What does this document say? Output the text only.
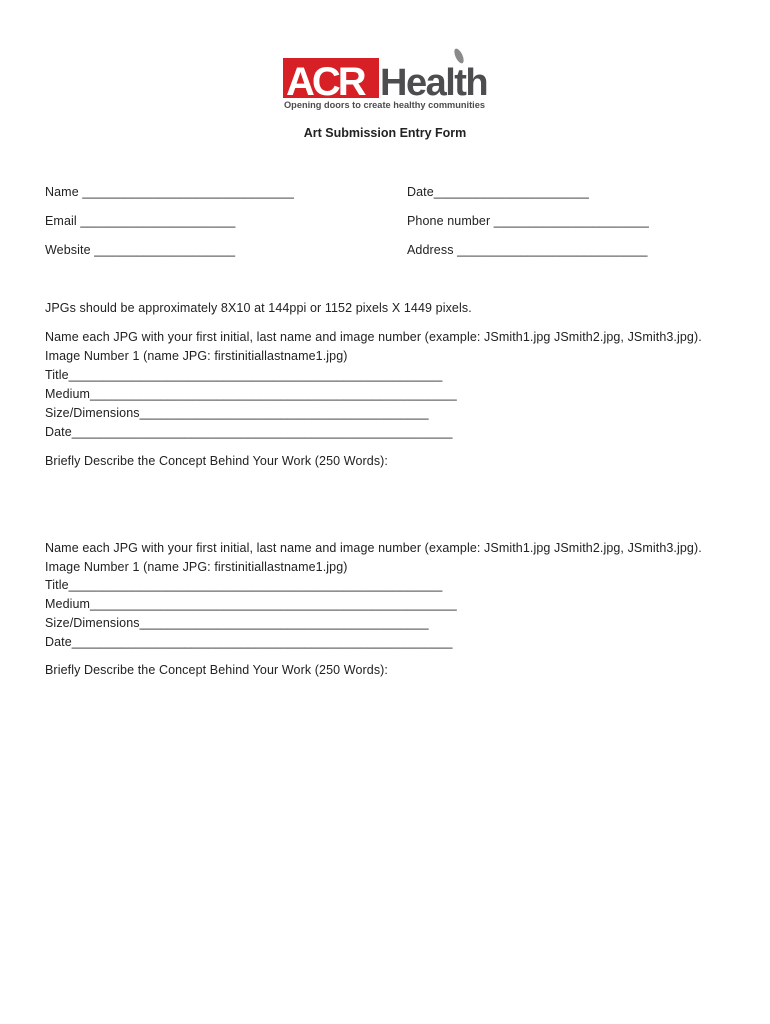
ACR Health
Opening doors to create healthy communities
Art Submission Entry Form
Name ______________________________	Date______________________
Email ______________________	Phone number ______________________
Website ____________________	Address ___________________________
JPGs should be approximately 8X10 at 144ppi or 1152 pixels X 1449 pixels.
Name each JPG with your first initial, last name and image number (example: JSmith1.jpg JSmith2.jpg, JSmith3.jpg).
Image Number 1 (name JPG: firstinitiallastname1.jpg)
Title_____________________________________________________
Medium____________________________________________________
Size/Dimensions_________________________________________
Date______________________________________________________
Briefly Describe the Concept Behind Your Work (250 Words):
Name each JPG with your first initial, last name and image number (example: JSmith1.jpg JSmith2.jpg, JSmith3.jpg).
Image Number 1 (name JPG: firstinitiallastname1.jpg)
Title_____________________________________________________
Medium____________________________________________________
Size/Dimensions_________________________________________
Date______________________________________________________
Briefly Describe the Concept Behind Your Work (250 Words):
